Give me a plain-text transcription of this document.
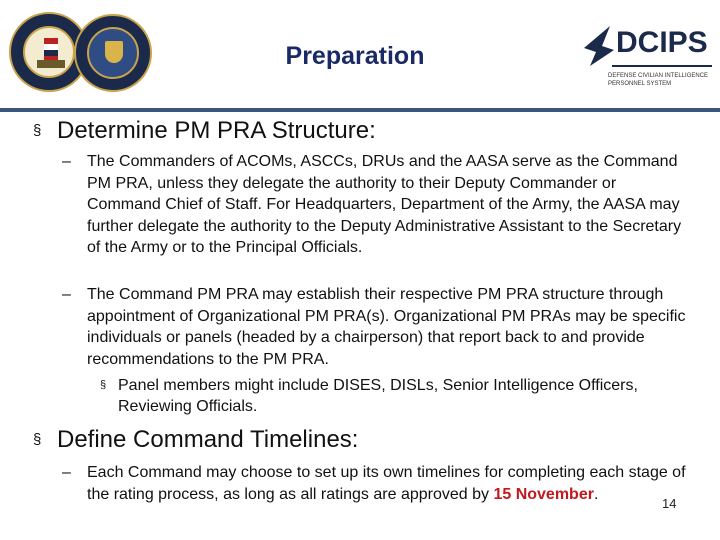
Preparation	DCIPS
DEFENSE CIVILIAN INTELLIGENCE
PERSONNEL SYSTEM
§ Determine PM PRA Structure:
– The Commanders of ACOMs, ASCCs, DRUs and the AASA serve as the Command PM PRA, unless they delegate the authority to their Deputy Commander or Command Chief of Staff. For Headquarters, Department of the Army, the AASA may further delegate the authority to the Deputy Administrative Assistant to the Secretary of the Army or to the Principal Officials.
– The Command PM PRA may establish their respective PM PRA structure through appointment of Organizational PM PRA(s). Organizational PM PRAs may be specific individuals or panels (headed by a chairperson) that report back to and provide recommendations to the PM PRA.
§ Panel members might include DISES, DISLs, Senior Intelligence Officers, Reviewing Officials.
§ Define Command Timelines:
– Each Command may choose to set up its own timelines for completing each stage of the rating process, as long as all ratings are approved by 15 November.
14
